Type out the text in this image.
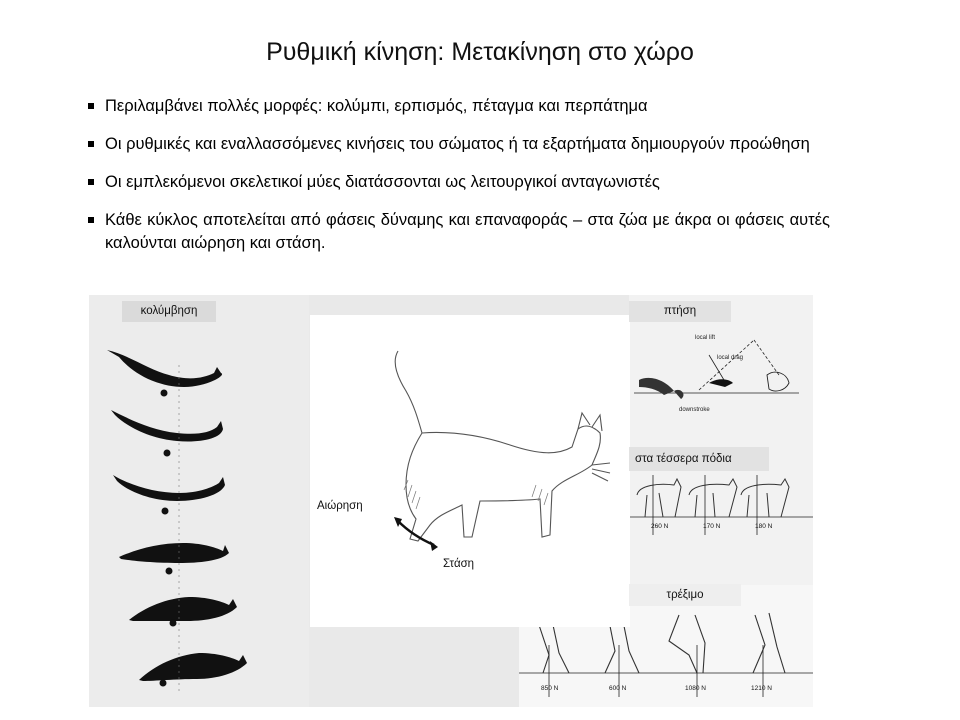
Ρυθμική κίνηση: Μετακίνηση στο χώρο
Περιλαμβάνει πολλές μορφές: κολύμπι, ερπισμός, πέταγμα και περπάτημα
Οι ρυθμικές και εναλλασσόμενες κινήσεις του σώματος ή τα εξαρτήματα δημιουργούν προώθηση
Οι εμπλεκόμενοι σκελετικοί μύες διατάσσονται ως λειτουργικοί ανταγωνιστές
Κάθε κύκλος αποτελείται από φάσεις δύναμης και επαναφοράς – στα ζώα με άκρα οι φάσεις αυτές καλούνται αιώρηση και στάση.
κολύμβηση	πτήση
στα τέσσερα πόδια
τρέξιμο
Αιώρηση
Στάση
local lift
local drag
downstroke
260 N	170 N	180 N
850 N	600 N	1080 N	1210 N
